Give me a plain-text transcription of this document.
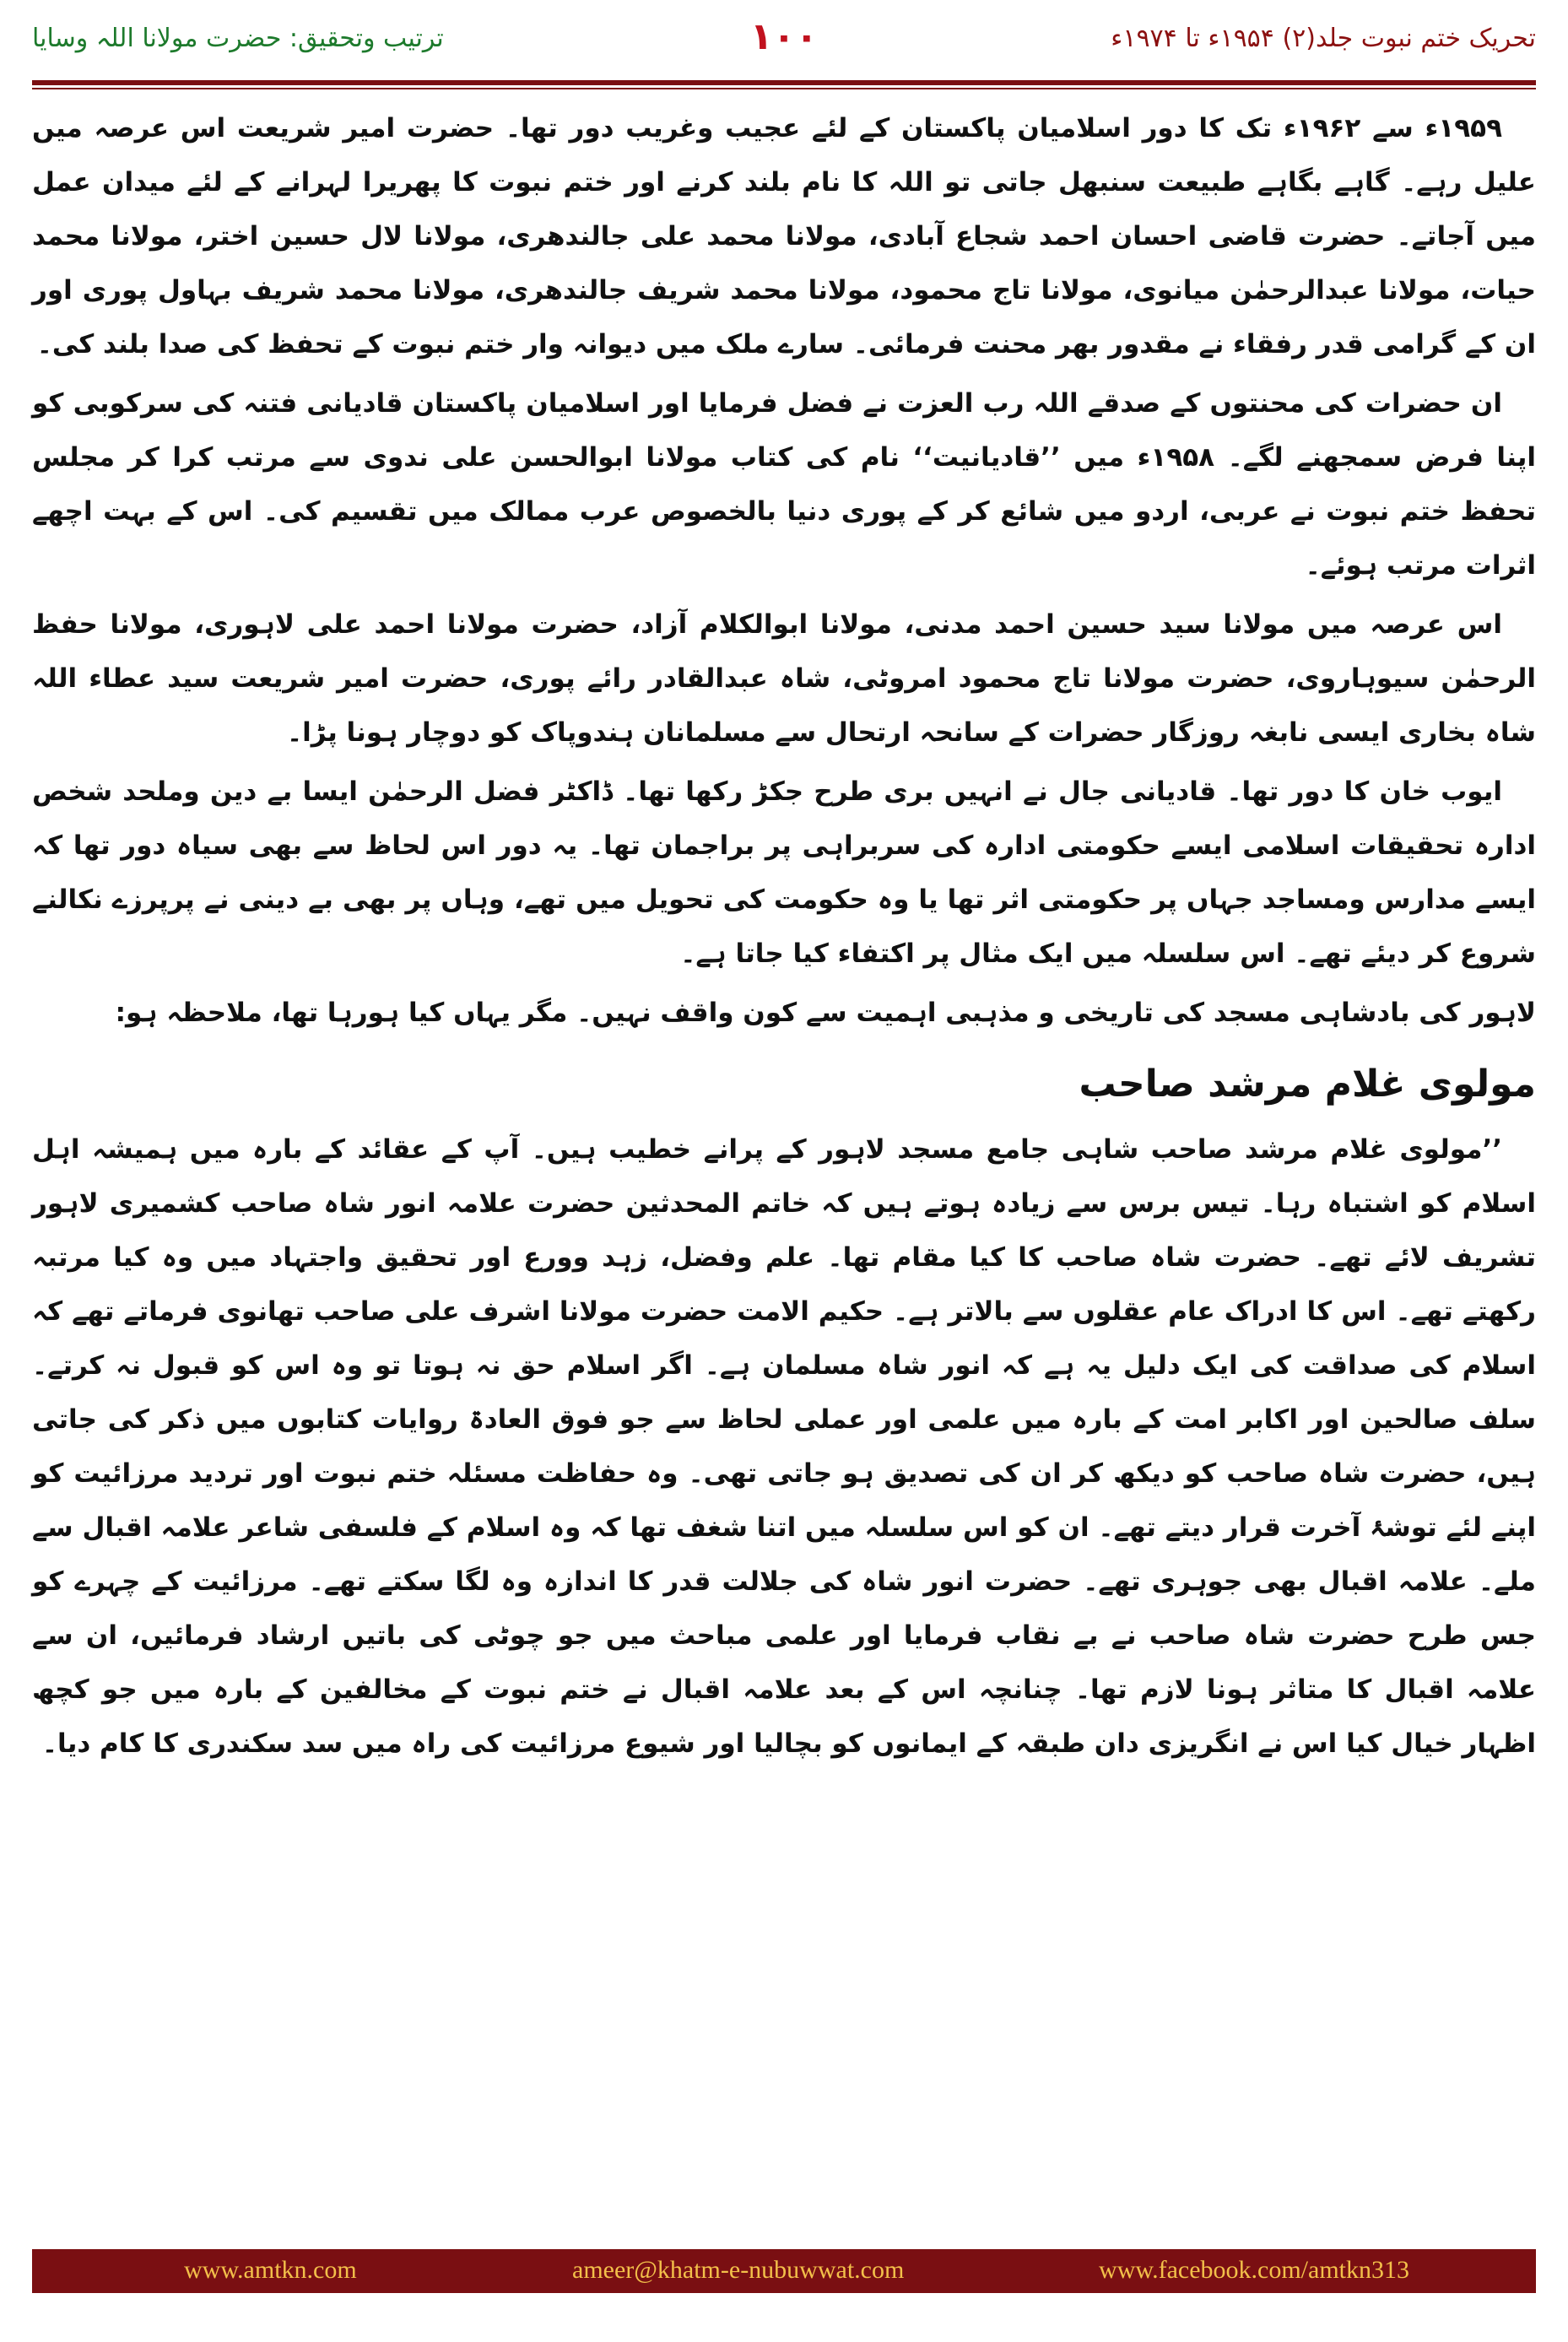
ترتیب وتحقیق: حضرت مولانا اللہ وسایا	۱۰۰	تحریک ختم نبوت جلد(۲) ۱۹۵۴ء تا ۱۹۷۴ء

۱۹۵۹ء سے ۱۹۶۲ء تک کا دور اسلامیان پاکستان کے لئے عجیب وغریب دور تھا۔ حضرت امیر شریعت اس عرصہ میں علیل رہے۔ گاہے بگاہے طبیعت سنبھل جاتی تو اللہ کا نام بلند کرنے اور ختم نبوت کا پھریرا لہرانے کے لئے میدان عمل میں آجاتے۔ حضرت قاضی احسان احمد شجاع آبادی، مولانا محمد علی جالندھری، مولانا لال حسین اختر، مولانا محمد حیات، مولانا عبدالرحمٰن میانوی، مولانا تاج محمود، مولانا محمد شریف جالندھری، مولانا محمد شریف بہاول پوری اور ان کے گرامی قدر رفقاء نے مقدور بھر محنت فرمائی۔ سارے ملک میں دیوانہ وار ختم نبوت کے تحفظ کی صدا بلند کی۔

ان حضرات کی محنتوں کے صدقے اللہ رب العزت نے فضل فرمایا اور اسلامیان پاکستان قادیانی فتنہ کی سرکوبی کو اپنا فرض سمجھنے لگے۔ ۱۹۵۸ء میں ’’قادیانیت‘‘ نام کی کتاب مولانا ابوالحسن علی ندوی سے مرتب کرا کر مجلس تحفظ ختم نبوت نے عربی، اردو میں شائع کر کے پوری دنیا بالخصوص عرب ممالک میں تقسیم کی۔ اس کے بہت اچھے اثرات مرتب ہوئے۔

اس عرصہ میں مولانا سید حسین احمد مدنی، مولانا ابوالکلام آزاد، حضرت مولانا احمد علی لاہوری، مولانا حفظ الرحمٰن سیوہاروی، حضرت مولانا تاج محمود امروٹی، شاہ عبدالقادر رائے پوری، حضرت امیر شریعت سید عطاء اللہ شاہ بخاری ایسی نابغہ روزگار حضرات کے سانحہ ارتحال سے مسلمانان ہندوپاک کو دوچار ہونا پڑا۔

ایوب خان کا دور تھا۔ قادیانی جال نے انہیں بری طرح جکڑ رکھا تھا۔ ڈاکٹر فضل الرحمٰن ایسا بے دین وملحد شخص ادارہ تحقیقات اسلامی ایسے حکومتی ادارہ کی سربراہی پر براجمان تھا۔ یہ دور اس لحاظ سے بھی سیاہ دور تھا کہ ایسے مدارس ومساجد جہاں پر حکومتی اثر تھا یا وہ حکومت کی تحویل میں تھے، وہاں پر بھی بے دینی نے پرپرزے نکالنے شروع کر دیئے تھے۔ اس سلسلہ میں ایک مثال پر اکتفاء کیا جاتا ہے۔

لاہور کی بادشاہی مسجد کی تاریخی و مذہبی اہمیت سے کون واقف نہیں۔ مگر یہاں کیا ہورہا تھا، ملاحظہ ہو:

مولوی غلام مرشد صاحب

’’مولوی غلام مرشد صاحب شاہی جامع مسجد لاہور کے پرانے خطیب ہیں۔ آپ کے عقائد کے بارہ میں ہمیشہ اہل اسلام کو اشتباہ رہا۔ تیس برس سے زیادہ ہوتے ہیں کہ خاتم المحدثین حضرت علامہ انور شاہ صاحب کشمیری لاہور تشریف لائے تھے۔ حضرت شاہ صاحب کا کیا مقام تھا۔ علم وفضل، زہد وورع اور تحقیق واجتہاد میں وہ کیا مرتبہ رکھتے تھے۔ اس کا ادراک عام عقلوں سے بالاتر ہے۔ حکیم الامت حضرت مولانا اشرف علی صاحب تھانوی فرماتے تھے کہ اسلام کی صداقت کی ایک دلیل یہ ہے کہ انور شاہ مسلمان ہے۔ اگر اسلام حق نہ ہوتا تو وہ اس کو قبول نہ کرتے۔ سلف صالحین اور اکابر امت کے بارہ میں علمی اور عملی لحاظ سے جو فوق العادۃ روایات کتابوں میں ذکر کی جاتی ہیں، حضرت شاہ صاحب کو دیکھ کر ان کی تصدیق ہو جاتی تھی۔ وہ حفاظت مسئلہ ختم نبوت اور تردید مرزائیت کو اپنے لئے توشۂ آخرت قرار دیتے تھے۔ ان کو اس سلسلہ میں اتنا شغف تھا کہ وہ اسلام کے فلسفی شاعر علامہ اقبال سے ملے۔ علامہ اقبال بھی جوہری تھے۔ حضرت انور شاہ کی جلالت قدر کا اندازہ وہ لگا سکتے تھے۔ مرزائیت کے چہرے کو جس طرح حضرت شاہ صاحب نے بے نقاب فرمایا اور علمی مباحث میں جو چوٹی کی باتیں ارشاد فرمائیں، ان سے علامہ اقبال کا متاثر ہونا لازم تھا۔ چنانچہ اس کے بعد علامہ اقبال نے ختم نبوت کے مخالفین کے بارہ میں جو کچھ اظہار خیال کیا اس نے انگریزی دان طبقہ کے ایمانوں کو بچالیا اور شیوع مرزائیت کی راہ میں سد سکندری کا کام دیا۔

www.amtkn.com	ameer@khatm-e-nubuwwat.com	www.facebook.com/amtkn313
